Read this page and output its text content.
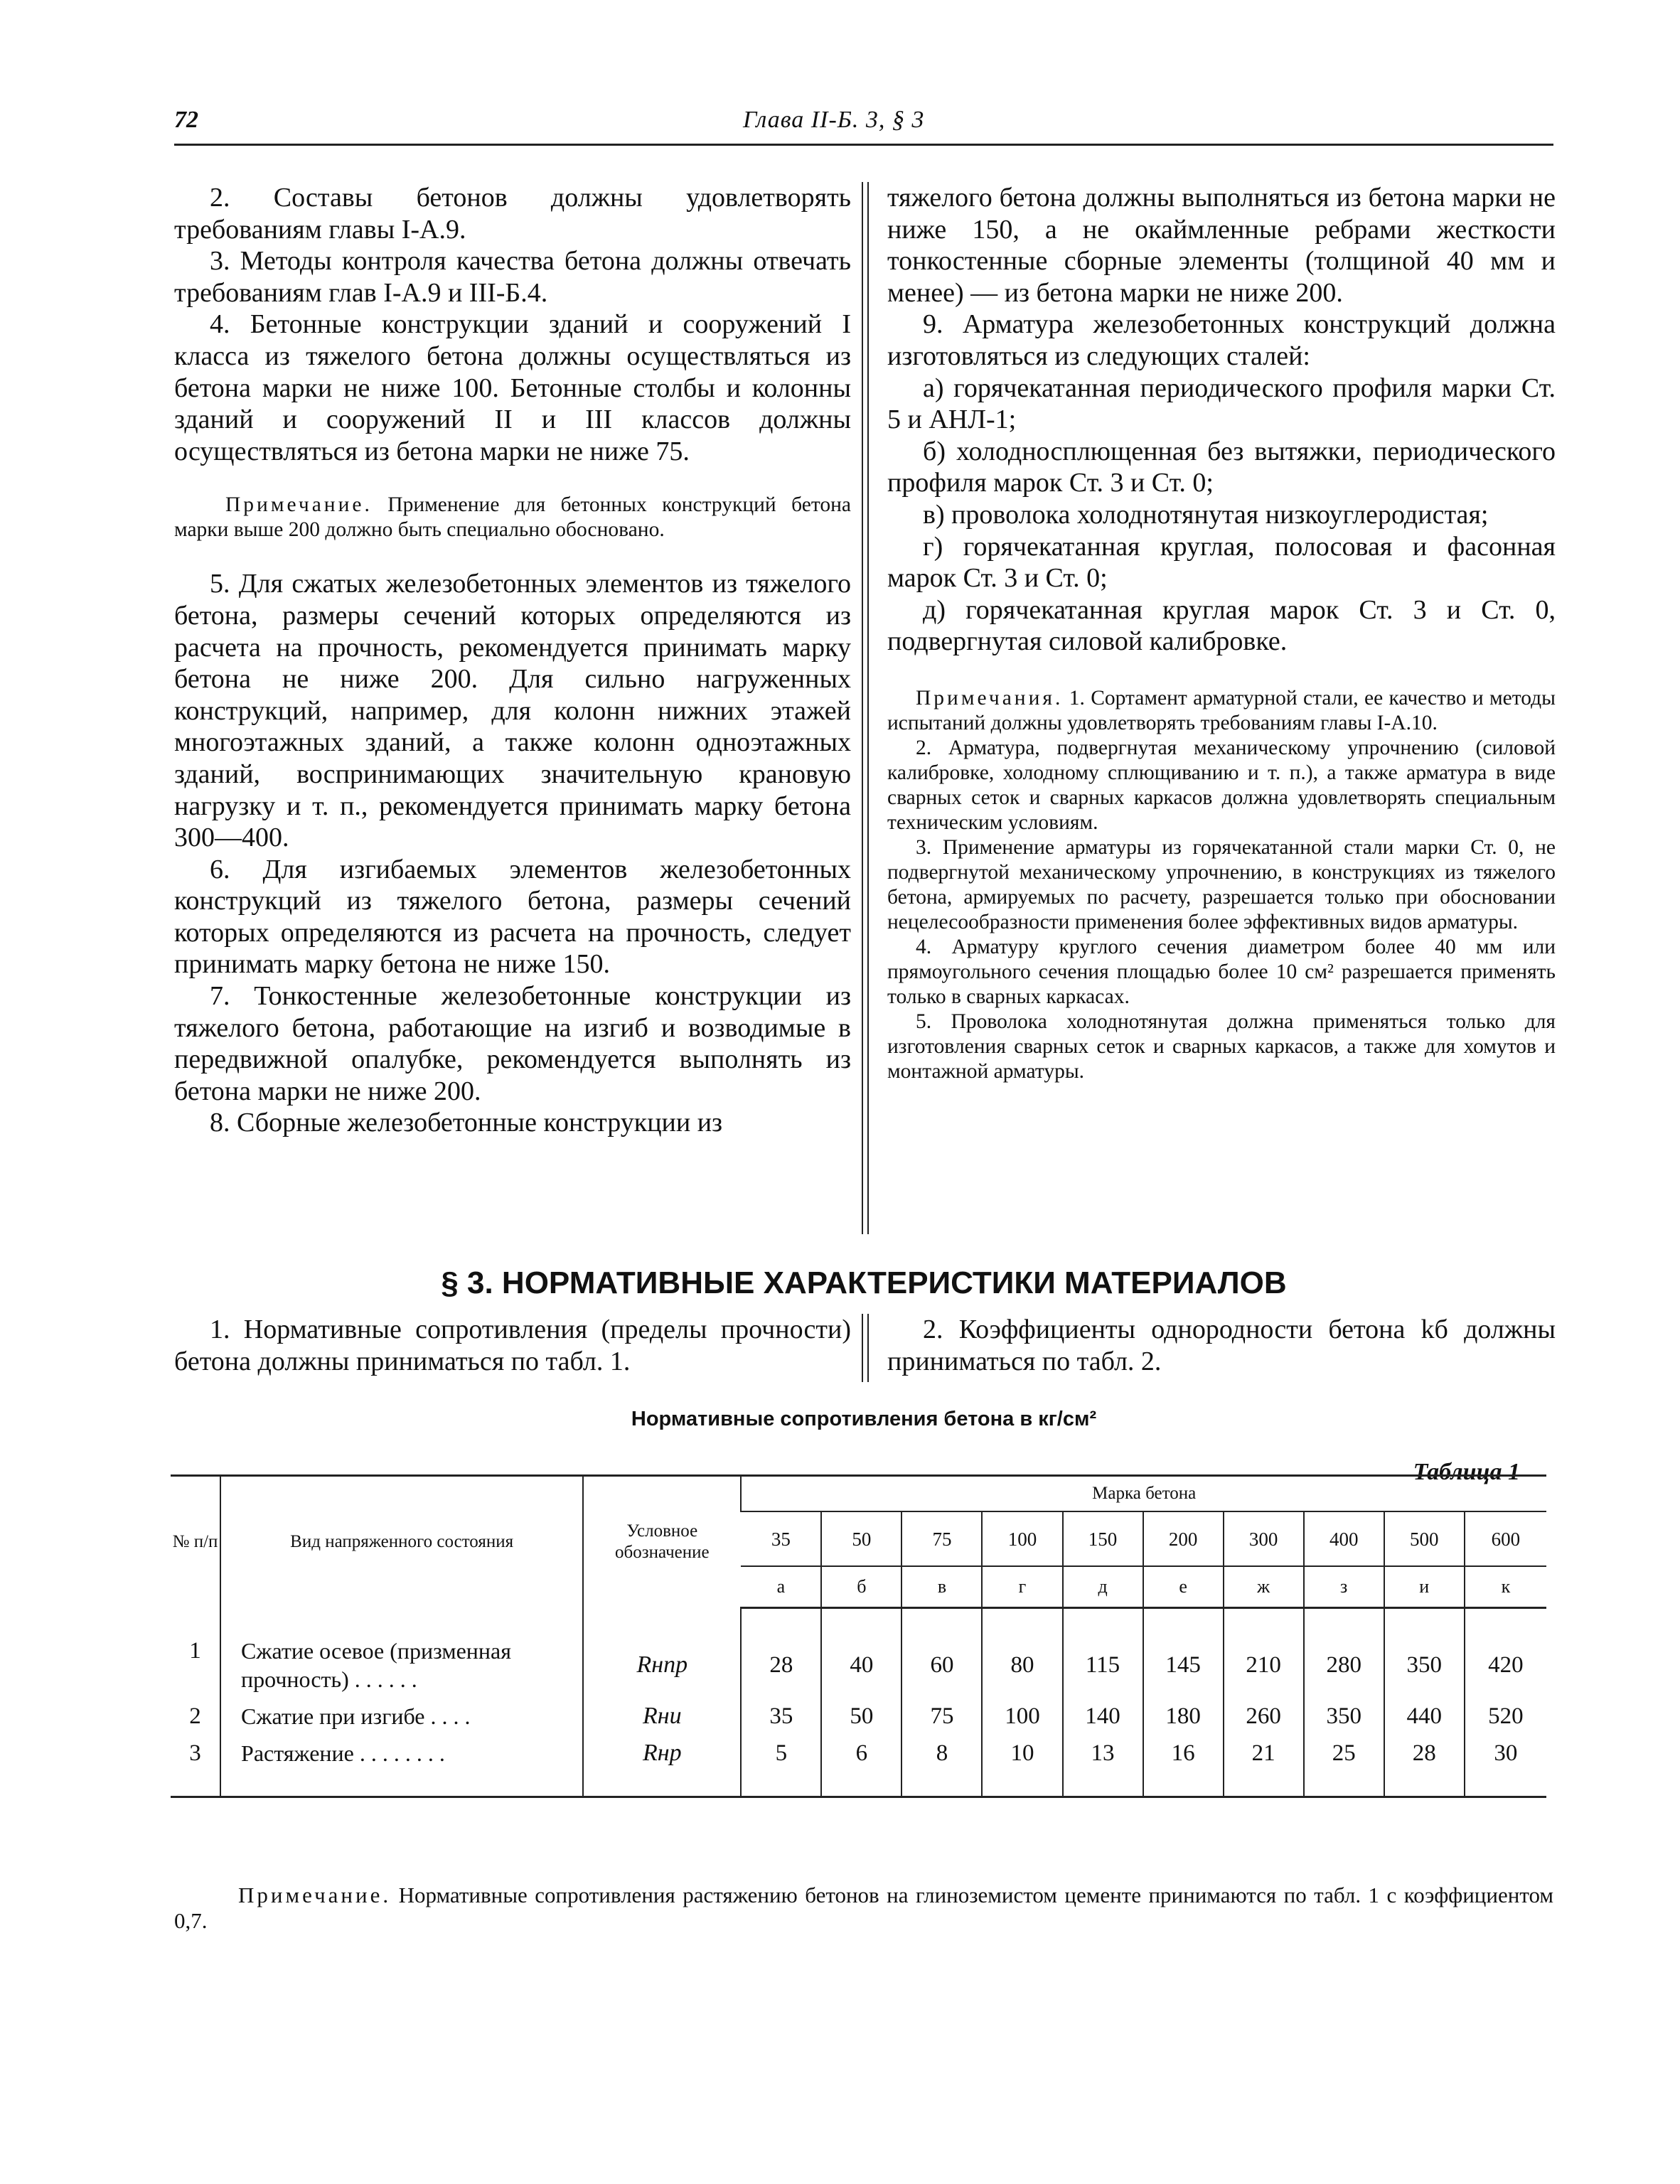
72	Глава II-Б. 3, § 3

2. Составы бетонов должны удовлетворять требованиям главы I-А.9.

3. Методы контроля качества бетона должны отвечать требованиям глав I-А.9 и III-Б.4.

4. Бетонные конструкции зданий и сооружений I класса из тяжелого бетона должны осуществляться из бетона марки не ниже 100. Бетонные столбы и колонны зданий и сооружений II и III классов должны осуществляться из бетона марки не ниже 75.

Примечание. Применение для бетонных конструкций бетона марки выше 200 должно быть специально обосновано.

5. Для сжатых железобетонных элементов из тяжелого бетона, размеры сечений которых определяются из расчета на прочность, рекомендуется принимать марку бетона не ниже 200. Для сильно нагруженных конструкций, например, для колонн нижних этажей многоэтажных зданий, а также колонн одноэтажных зданий, воспринимающих значительную крановую нагрузку и т. п., рекомендуется принимать марку бетона 300—400.

6. Для изгибаемых элементов железобетонных конструкций из тяжелого бетона, размеры сечений которых определяются из расчета на прочность, следует принимать марку бетона не ниже 150.

7. Тонкостенные железобетонные конструкции из тяжелого бетона, работающие на изгиб и возводимые в передвижной опалубке, рекомендуется выполнять из бетона марки не ниже 200.

8. Сборные железобетонные конструкции из

тяжелого бетона должны выполняться из бетона марки не ниже 150, а не окаймленные ребрами жесткости тонкостенные сборные элементы (толщиной 40 мм и менее) — из бетона марки не ниже 200.

9. Арматура железобетонных конструкций должна изготовляться из следующих сталей:

а) горячекатанная периодического профиля марки Ст. 5 и АНЛ-1;

б) холодносплющенная без вытяжки, периодического профиля марок Ст. 3 и Ст. 0;

в) проволока холоднотянутая низкоуглеродистая;

г) горячекатанная круглая, полосовая и фасонная марок Ст. 3 и Ст. 0;

д) горячекатанная круглая марок Ст. 3 и Ст. 0, подвергнутая силовой калибровке.

Примечания. 1. Сортамент арматурной стали, ее качество и методы испытаний должны удовлетворять требованиям главы I-А.10.

2. Арматура, подвергнутая механическому упрочнению (силовой калибровке, холодному сплющиванию и т. п.), а также арматура в виде сварных сеток и сварных каркасов должна удовлетворять специальным техническим условиям.

3. Применение арматуры из горячекатанной стали марки Ст. 0, не подвергнутой механическому упрочнению, в конструкциях из тяжелого бетона, армируемых по расчету, разрешается только при обосновании нецелесообразности применения более эффективных видов арматуры.

4. Арматуру круглого сечения диаметром более 40 мм или прямоугольного сечения площадью более 10 см² разрешается применять только в сварных каркасах.

5. Проволока холоднотянутая должна применяться только для изготовления сварных сеток и сварных каркасов, а также для хомутов и монтажной арматуры.

§ 3. НОРМАТИВНЫЕ ХАРАКТЕРИСТИКИ МАТЕРИАЛОВ

1. Нормативные сопротивления (пределы прочности) бетона должны приниматься по табл. 1.

2. Коэффициенты однородности бетона kб должны приниматься по табл. 2.

Нормативные сопротивления бетона в кг/см²
Таблица 1
№ п/п	Вид напряженного состояния	Условное обозначение	Марка бетона									
			35	50	75	100	150	200	300	400	500	600
			а	б	в	г	д	е	ж	з	и	к
1	Сжатие осевое (призменная прочность) . . . . . .	Rнпр	28	40	60	80	115	145	210	280	350	420
2	Сжатие при изгибе . . . .	Rни	35	50	75	100	140	180	260	350	440	520
3	Растяжение . . . . . . . .	Rнр	5	6	8	10	13	16	21	25	28	30
Примечание. Нормативные сопротивления растяжению бетонов на глиноземистом цементе принимаются по табл. 1 с коэффициентом 0,7.
